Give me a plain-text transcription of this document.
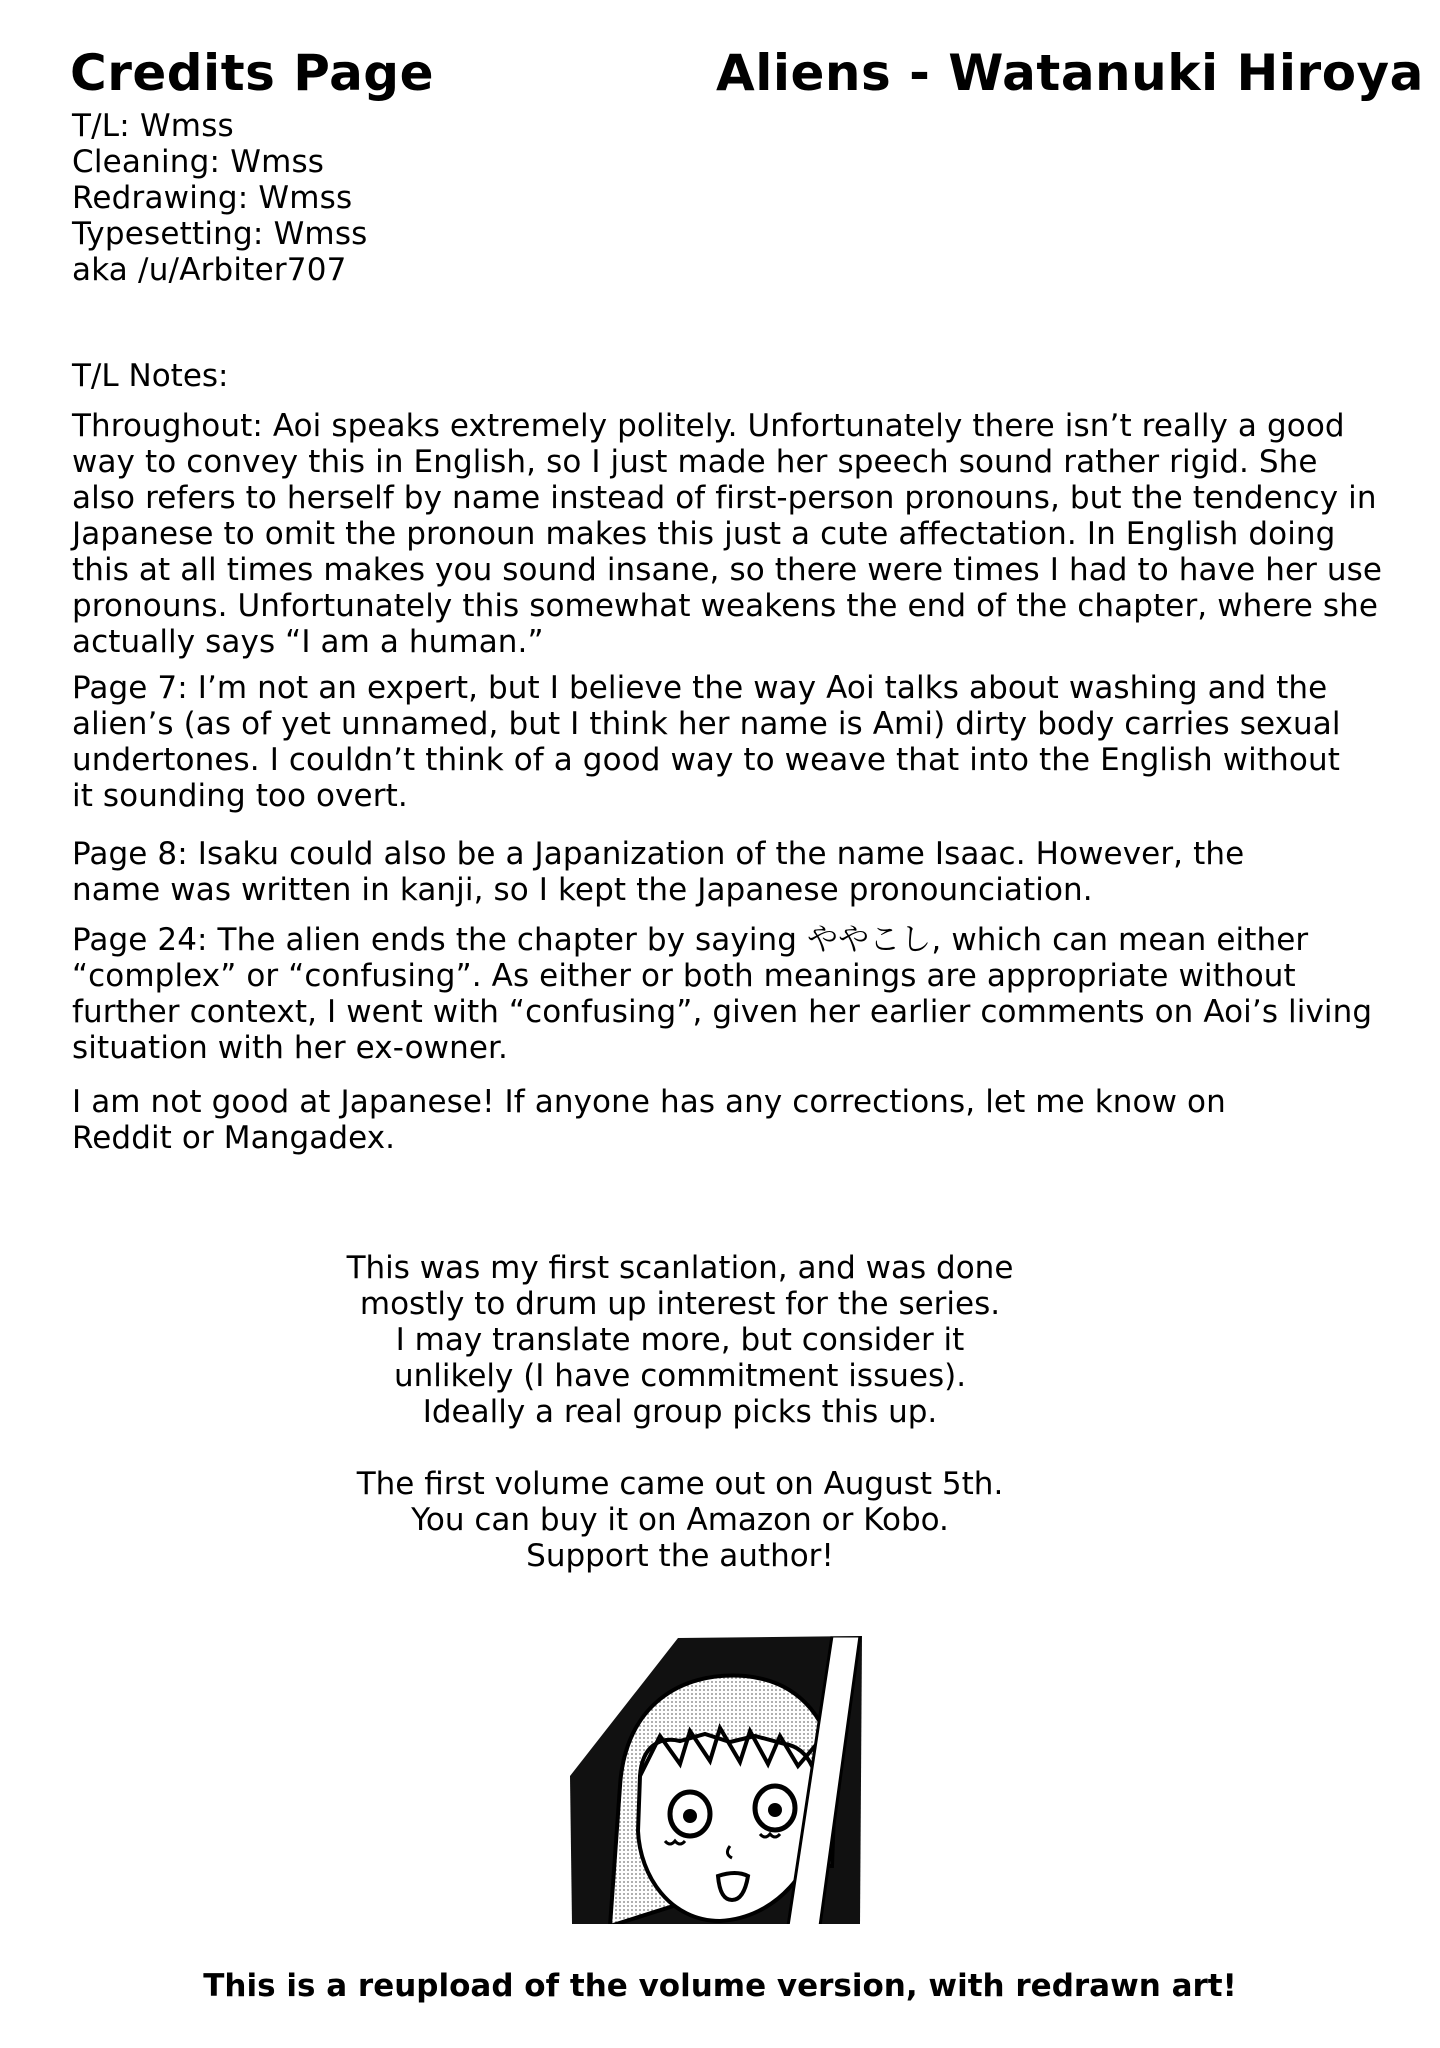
Credits Page	Aliens - Watanuki Hiroya
T/L: Wmss
Cleaning: Wmss
Redrawing: Wmss
Typesetting: Wmss
aka /u/Arbiter707
T/L Notes:
Throughout: Aoi speaks extremely politely. Unfortunately there isn’t really a good way to convey this in English, so I just made her speech sound rather rigid. She also refers to herself by name instead of first-person pronouns, but the tendency in Japanese to omit the pronoun makes this just a cute affectation. In English doing this at all times makes you sound insane, so there were times I had to have her use pronouns. Unfortunately this somewhat weakens the end of the chapter, where she actually says “I am a human.”
Page 7: I’m not an expert, but I believe the way Aoi talks about washing and the alien’s (as of yet unnamed, but I think her name is Ami) dirty body carries sexual undertones. I couldn’t think of a good way to weave that into the English without it sounding too overt.
Page 8: Isaku could also be a Japanization of the name Isaac. However, the name was written in kanji, so I kept the Japanese pronounciation.
Page 24: The alien ends the chapter by saying ややこし, which can mean either “complex” or “confusing”. As either or both meanings are appropriate without further context, I went with “confusing”, given her earlier comments on Aoi’s living situation with her ex-owner.
I am not good at Japanese! If anyone has any corrections, let me know on Reddit or Mangadex.
This was my first scanlation, and was done
mostly to drum up interest for the series.
I may translate more, but consider it
unlikely (I have commitment issues).
Ideally a real group picks this up.
The first volume came out on August 5th.
You can buy it on Amazon or Kobo.
Support the author!
This is a reupload of the volume version, with redrawn art!
